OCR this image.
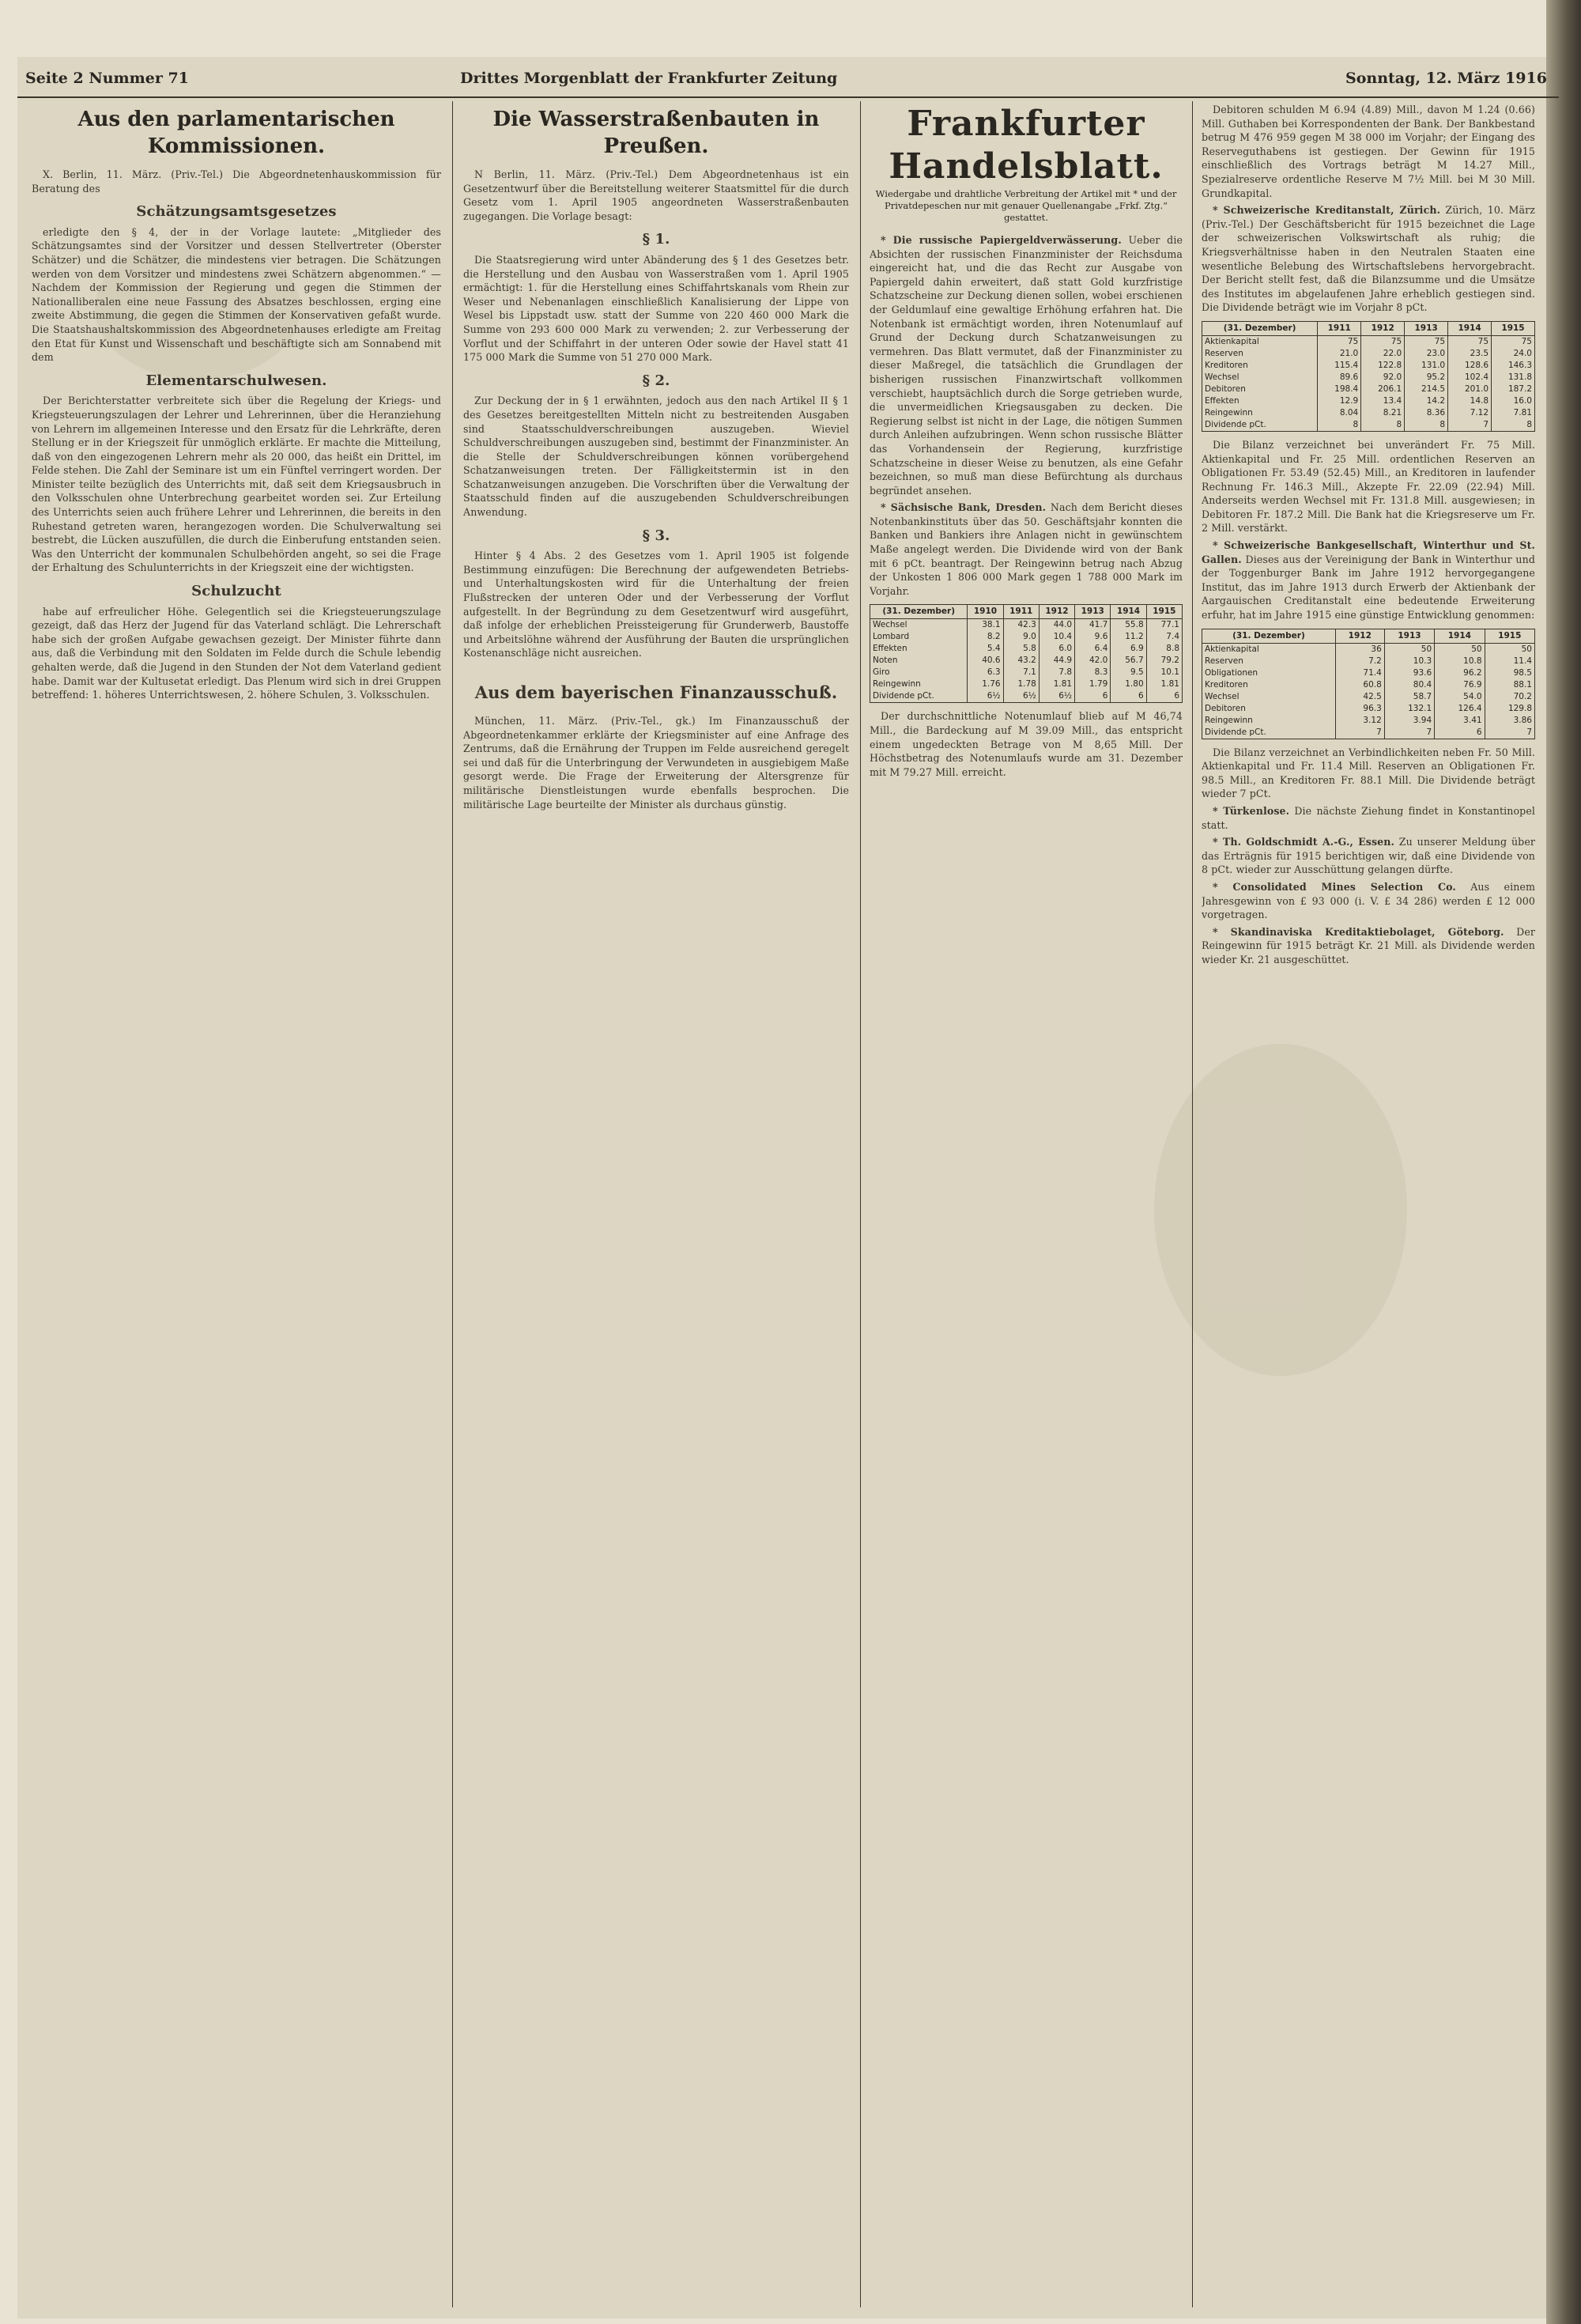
Seite 2 Nummer 71	Drittes Morgenblatt der Frankfurter Zeitung	Sonntag, 12. März 1916
Aus den parlamentarischen Kommissionen.

X. Berlin, 11. März. (Priv.-Tel.) Die Abgeordnetenhauskommission für Beratung des

Schätzungsamtsgesetzes

erledigte den § 4, der in der Vorlage lautete: „Mitglieder des Schätzungsamtes sind der Vorsitzer und dessen Stellvertreter (Oberster Schätzer) und die Schätzer, die mindestens vier betragen. Die Schätzungen werden von dem Vorsitzer und mindestens zwei Schätzern abgenommen.“ — Nachdem der Kommission der Regierung und gegen die Stimmen der Nationalliberalen eine neue Fassung des Absatzes beschlossen, erging eine zweite Abstimmung, die gegen die Stimmen der Konservativen gefaßt wurde. Die Staatshaushaltskommission des Abgeordnetenhauses erledigte am Freitag den Etat für Kunst und Wissenschaft und beschäftigte sich am Sonnabend mit dem

Elementarschulwesen.

Der Berichterstatter verbreitete sich über die Regelung der Kriegs- und Kriegsteuerungszulagen der Lehrer und Lehrerinnen, über die Heranziehung von Lehrern im allgemeinen Interesse und den Ersatz für die Lehrkräfte, deren Stellung er in der Kriegszeit für unmöglich erklärte. Er machte die Mitteilung, daß von den eingezogenen Lehrern mehr als 20 000, das heißt ein Drittel, im Felde stehen. Die Zahl der Seminare ist um ein Fünftel verringert worden. Der Minister teilte bezüglich des Unterrichts mit, daß seit dem Kriegsausbruch in den Volksschulen ohne Unterbrechung gearbeitet worden sei. Zur Erteilung des Unterrichts seien auch frühere Lehrer und Lehrerinnen, die bereits in den Ruhestand getreten waren, herangezogen worden. Die Schulverwaltung sei bestrebt, die Lücken auszufüllen, die durch die Einberufung entstanden seien. Was den Unterricht der kommunalen Schulbehörden angeht, so sei die Frage der Erhaltung des Schulunterrichts in der Kriegszeit eine der wichtigsten.

Schulzucht

habe auf erfreulicher Höhe. Gelegentlich sei die Kriegsteuerungszulage gezeigt, daß das Herz der Jugend für das Vaterland schlägt. Die Lehrerschaft habe sich der großen Aufgabe gewachsen gezeigt. Der Minister führte dann aus, daß die Verbindung mit den Soldaten im Felde durch die Schule lebendig gehalten werde, daß die Jugend in den Stunden der Not dem Vaterland gedient habe. Damit war der Kultusetat erledigt. Das Plenum wird sich in drei Gruppen betreffend: 1. höheres Unterrichtswesen, 2. höhere Schulen, 3. Volksschulen.

Die Wasserstraßenbauten in Preußen.

N Berlin, 11. März. (Priv.-Tel.) Dem Abgeordnetenhaus ist ein Gesetzentwurf über die Bereitstellung weiterer Staatsmittel für die durch Gesetz vom 1. April 1905 angeordneten Wasserstraßenbauten zugegangen. Die Vorlage besagt:

§ 1.

Die Staatsregierung wird unter Abänderung des § 1 des Gesetzes betr. die Herstellung und den Ausbau von Wasserstraßen vom 1. April 1905 ermächtigt: 1. für die Herstellung eines Schiffahrtskanals vom Rhein zur Weser und Nebenanlagen einschließlich Kanalisierung der Lippe von Wesel bis Lippstadt usw. statt der Summe von 220 460 000 Mark die Summe von 293 600 000 Mark zu verwenden; 2. zur Verbesserung der Vorflut und der Schiffahrt in der unteren Oder sowie der Havel statt 41 175 000 Mark die Summe von 51 270 000 Mark.

§ 2.

Zur Deckung der in § 1 erwähnten, jedoch aus den nach Artikel II § 1 des Gesetzes bereitgestellten Mitteln nicht zu bestreitenden Ausgaben sind Staatsschuldverschreibungen auszugeben. Wieviel Schuldverschreibungen auszugeben sind, bestimmt der Finanzminister. An die Stelle der Schuldverschreibungen können vorübergehend Schatzanweisungen treten. Der Fälligkeitstermin ist in den Schatzanweisungen anzugeben. Die Vorschriften über die Verwaltung der Staatsschuld finden auf die auszugebenden Schuldverschreibungen Anwendung.

§ 3.

Hinter § 4 Abs. 2 des Gesetzes vom 1. April 1905 ist folgende Bestimmung einzufügen: Die Berechnung der aufgewendeten Betriebs- und Unterhaltungskosten wird für die Unterhaltung der freien Flußstrecken der unteren Oder und der Verbesserung der Vorflut aufgestellt. In der Begründung zu dem Gesetzentwurf wird ausgeführt, daß infolge der erheblichen Preissteigerung für Grunderwerb, Baustoffe und Arbeitslöhne während der Ausführung der Bauten die ursprünglichen Kostenanschläge nicht ausreichen.

Aus dem bayerischen Finanzausschuß.

München, 11. März. (Priv.-Tel., gk.) Im Finanzausschuß der Abgeordnetenkammer erklärte der Kriegsminister auf eine Anfrage des Zentrums, daß die Ernährung der Truppen im Felde ausreichend geregelt sei und daß für die Unterbringung der Verwundeten in ausgiebigem Maße gesorgt werde. Die Frage der Erweiterung der Altersgrenze für militärische Dienstleistungen wurde ebenfalls besprochen. Die militärische Lage beurteilte der Minister als durchaus günstig.

Frankfurter Handelsblatt.
Wiedergabe und drahtliche Verbreitung der Artikel mit * und der Privatdepeschen nur mit genauer Quellenangabe „Frkf. Ztg.“ gestattet.

* Die russische Papiergeldverwässerung. Ueber die Absichten der russischen Finanzminister der Reichsduma eingereicht hat, und die das Recht zur Ausgabe von Papiergeld dahin erweitert, daß statt Gold kurzfristige Schatzscheine zur Deckung dienen sollen, wobei erschienen der Geldumlauf eine gewaltige Erhöhung erfahren hat. Die Notenbank ist ermächtigt worden, ihren Notenumlauf auf Grund der Deckung durch Schatzanweisungen zu vermehren. Das Blatt vermutet, daß der Finanzminister zu dieser Maßregel, die tatsächlich die Grundlagen der bisherigen russischen Finanzwirtschaft vollkommen verschiebt, hauptsächlich durch die Sorge getrieben wurde, die unvermeidlichen Kriegsausgaben zu decken. Die Regierung selbst ist nicht in der Lage, die nötigen Summen durch Anleihen aufzubringen. Wenn schon russische Blätter das Vorhandensein der Regierung, kurzfristige Schatzscheine in dieser Weise zu benutzen, als eine Gefahr bezeichnen, so muß man diese Befürchtung als durchaus begründet ansehen.

* Sächsische Bank, Dresden. Nach dem Bericht dieses Notenbankinstituts über das 50. Geschäftsjahr konnten die Banken und Bankiers ihre Anlagen nicht in gewünschtem Maße angelegt werden. Die Dividende wird von der Bank mit 6 pCt. beantragt. Der Reingewinn betrug nach Abzug der Unkosten 1 806 000 Mark gegen 1 788 000 Mark im Vorjahr.

(31. Dezember)	1910	1911	1912	1913	1914	1915
Wechsel	38.1	42.3	44.0	41.7	55.8	77.1
Lombard	8.2	9.0	10.4	9.6	11.2	7.4
Effekten	5.4	5.8	6.0	6.4	6.9	8.8
Noten	40.6	43.2	44.9	42.0	56.7	79.2
Giro	6.3	7.1	7.8	8.3	9.5	10.1
Reingewinn	1.76	1.78	1.81	1.79	1.80	1.81
Dividende pCt.	6½	6½	6½	6	6	6

Der durchschnittliche Notenumlauf blieb auf M 46,74 Mill., die Bardeckung auf M 39.09 Mill., das entspricht einem ungedeckten Betrage von M 8,65 Mill. Der Höchstbetrag des Notenumlaufs wurde am 31. Dezember mit M 79.27 Mill. erreicht.

Debitoren schulden M 6.94 (4.89) Mill., davon M 1.24 (0.66) Mill. Guthaben bei Korrespondenten der Bank. Der Bankbestand betrug M 476 959 gegen M 38 000 im Vorjahr; der Eingang des Reserveguthabens ist gestiegen. Der Gewinn für 1915 einschließlich des Vortrags beträgt M 14.27 Mill., Spezialreserve ordentliche Reserve M 7½ Mill. bei M 30 Mill. Grundkapital.

* Schweizerische Kreditanstalt, Zürich. Zürich, 10. März (Priv.-Tel.) Der Geschäftsbericht für 1915 bezeichnet die Lage der schweizerischen Volkswirtschaft als ruhig; die Kriegsverhältnisse haben in den Neutralen Staaten eine wesentliche Belebung des Wirtschaftslebens hervorgebracht. Der Bericht stellt fest, daß die Bilanzsumme und die Umsätze des Institutes im abgelaufenen Jahre erheblich gestiegen sind. Die Dividende beträgt wie im Vorjahr 8 pCt.

(31. Dezember)	1911	1912	1913	1914	1915
Aktienkapital	75	75	75	75	75
Reserven	21.0	22.0	23.0	23.5	24.0
Kreditoren	115.4	122.8	131.0	128.6	146.3
Wechsel	89.6	92.0	95.2	102.4	131.8
Debitoren	198.4	206.1	214.5	201.0	187.2
Effekten	12.9	13.4	14.2	14.8	16.0
Reingewinn	8.04	8.21	8.36	7.12	7.81
Dividende pCt.	8	8	8	7	8

Die Bilanz verzeichnet bei unverändert Fr. 75 Mill. Aktienkapital und Fr. 25 Mill. ordentlichen Reserven an Obligationen Fr. 53.49 (52.45) Mill., an Kreditoren in laufender Rechnung Fr. 146.3 Mill., Akzepte Fr. 22.09 (22.94) Mill. Anderseits werden Wechsel mit Fr. 131.8 Mill. ausgewiesen; in Debitoren Fr. 187.2 Mill. Die Bank hat die Kriegsreserve um Fr. 2 Mill. verstärkt.

* Schweizerische Bankgesellschaft, Winterthur und St. Gallen. Dieses aus der Vereinigung der Bank in Winterthur und der Toggenburger Bank im Jahre 1912 hervorgegangene Institut, das im Jahre 1913 durch Erwerb der Aktienbank der Aargauischen Creditanstalt eine bedeutende Erweiterung erfuhr, hat im Jahre 1915 eine günstige Entwicklung genommen:

(31. Dezember)	1912	1913	1914	1915
Aktienkapital	36	50	50	50
Reserven	7.2	10.3	10.8	11.4
Obligationen	71.4	93.6	96.2	98.5
Kreditoren	60.8	80.4	76.9	88.1
Wechsel	42.5	58.7	54.0	70.2
Debitoren	96.3	132.1	126.4	129.8
Reingewinn	3.12	3.94	3.41	3.86
Dividende pCt.	7	7	6	7

Die Bilanz verzeichnet an Verbindlichkeiten neben Fr. 50 Mill. Aktienkapital und Fr. 11.4 Mill. Reserven an Obligationen Fr. 98.5 Mill., an Kreditoren Fr. 88.1 Mill. Die Dividende beträgt wieder 7 pCt.

* Türkenlose. Die nächste Ziehung findet in Konstantinopel statt.

* Th. Goldschmidt A.-G., Essen. Zu unserer Meldung über das Erträgnis für 1915 berichtigen wir, daß eine Dividende von 8 pCt. wieder zur Ausschüttung gelangen dürfte.

* Consolidated Mines Selection Co. Aus einem Jahresgewinn von £ 93 000 (i. V. £ 34 286) werden £ 12 000 vorgetragen.

* Skandinaviska Kreditaktiebolaget, Göteborg. Der Reingewinn für 1915 beträgt Kr. 21 Mill. als Dividende werden wieder Kr. 21 ausgeschüttet.
